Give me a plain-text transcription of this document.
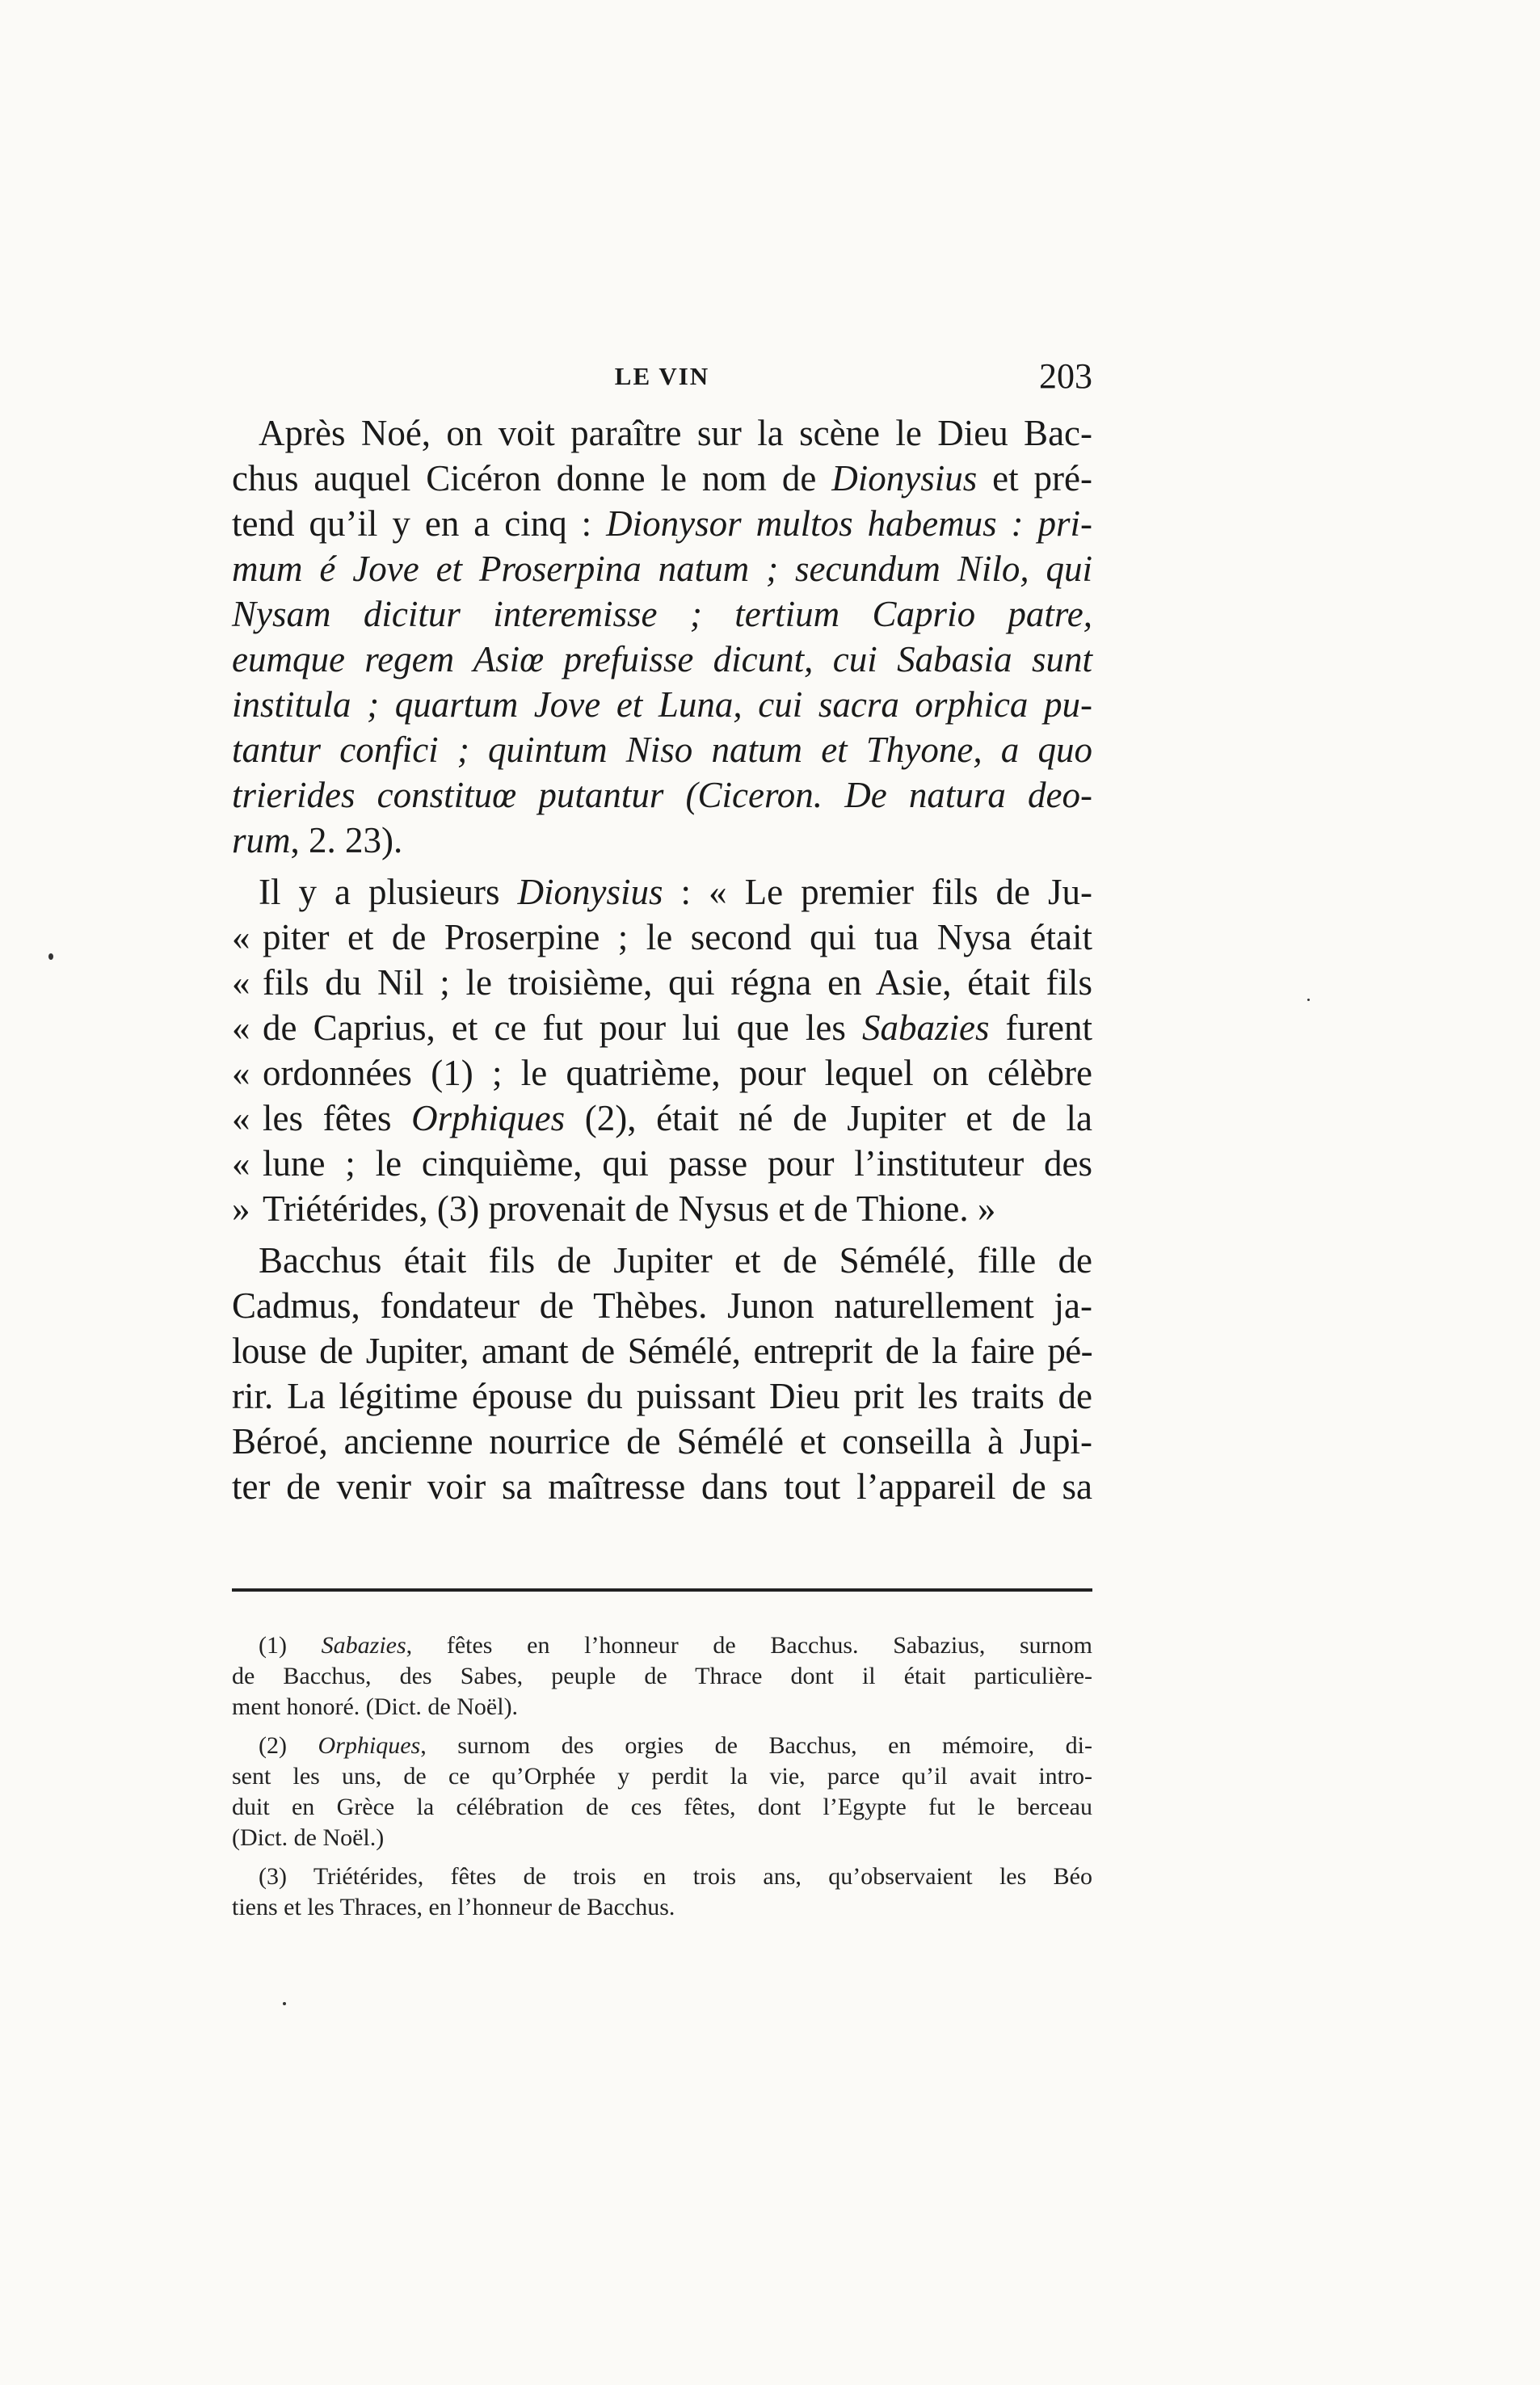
LE VIN	203
Après Noé, on voit paraître sur la scène le Dieu Bac-
chus auquel Cicéron donne le nom de Dionysius et pré-
tend qu’il y en a cinq : Dionysor multos habemus : pri-
mum é Jove et Proserpina natum ; secundum Nilo, qui
Nysam dicitur interemisse ; tertium Caprio patre,
eumque regem Asiœ prefuisse dicunt, cui Sabasia sunt
institula ; quartum Jove et Luna, cui sacra orphica pu-
tantur confici ; quintum Niso natum et Thyone, a quo
trierides constituœ putantur (Ciceron. De natura deo-
rum, 2. 23).
Il y a plusieurs Dionysius : « Le premier fils de Ju-
« piter et de Proserpine ; le second qui tua Nysa était
« fils du Nil ; le troisième, qui régna en Asie, était fils
« de Caprius, et ce fut pour lui que les Sabazies furent
« ordonnées (1) ; le quatrième, pour lequel on célèbre
« les fêtes Orphiques (2), était né de Jupiter et de la
« lune ; le cinquième, qui passe pour l’instituteur des
» Triétérides, (3) provenait de Nysus et de Thione. »
Bacchus était fils de Jupiter et de Sémélé, fille de
Cadmus, fondateur de Thèbes. Junon naturellement ja-
louse de Jupiter, amant de Sémélé, entreprit de la faire pé-
rir. La légitime épouse du puissant Dieu prit les traits de
Béroé, ancienne nourrice de Sémélé et conseilla à Jupi-
ter de venir voir sa maîtresse dans tout l’appareil de sa
(1) Sabazies, fêtes en l’honneur de Bacchus. Sabazius, surnom
de Bacchus, des Sabes, peuple de Thrace dont il était particulière-
ment honoré. (Dict. de Noël).
(2) Orphiques, surnom des orgies de Bacchus, en mémoire, di-
sent les uns, de ce qu’Orphée y perdit la vie, parce qu’il avait intro-
duit en Grèce la célébration de ces fêtes, dont l’Egypte fut le berceau
(Dict. de Noël.)
(3) Triétérides, fêtes de trois en trois ans, qu’observaient les Béo
tiens et les Thraces, en l’honneur de Bacchus.
